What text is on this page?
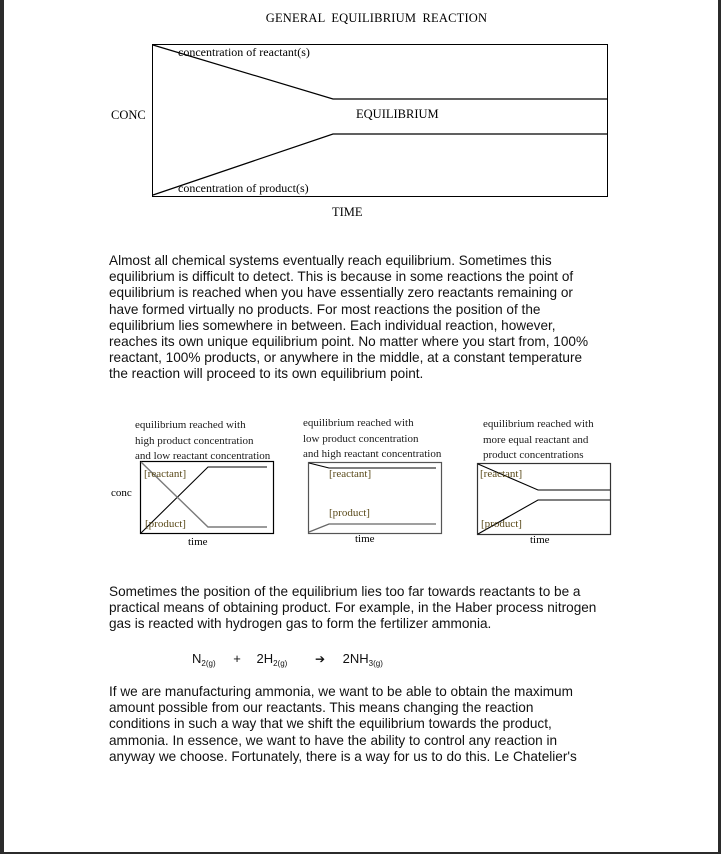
GENERAL EQUILIBRIUM REACTION
CONC
concentration of reactant(s)
EQUILIBRIUM
concentration of product(s)
TIME
Almost all chemical systems eventually reach equilibrium. Sometimes this
equilibrium is difficult to detect. This is because in some reactions the point of
equilibrium is reached when you have essentially zero reactants remaining or
have formed virtually no products. For most reactions the position of the
equilibrium lies somewhere in between. Each individual reaction, however,
reaches its own unique equilibrium point. No matter where you start from, 100%
reactant, 100% products, or anywhere in the middle, at a constant temperature
the reaction will proceed to its own equilibrium point.
conc
equilibrium reached with
high product concentration
and low reactant concentration
[reactant]
[product]
time
equilibrium reached with
low product concentration
and high reactant concentration
[reactant]
[product]
time
equilibrium reached with
more equal reactant and
product concentrations
[reactant]
[product]
time
Sometimes the position of the equilibrium lies too far towards reactants to be a
practical means of obtaining product. For example, in the Haber process nitrogen
gas is reacted with hydrogen gas to form the fertilizer ammonia.
$N_{2(g)} + 2H_{2(g)}$ ➔ $2NH_{3(g)}$
If we are manufacturing ammonia, we want to be able to obtain the maximum
amount possible from our reactants. This means changing the reaction
conditions in such a way that we shift the equilibrium towards the product,
ammonia. In essence, we want to have the ability to control any reaction in
anyway we choose. Fortunately, there is a way for us to do this. Le Chatelier's
